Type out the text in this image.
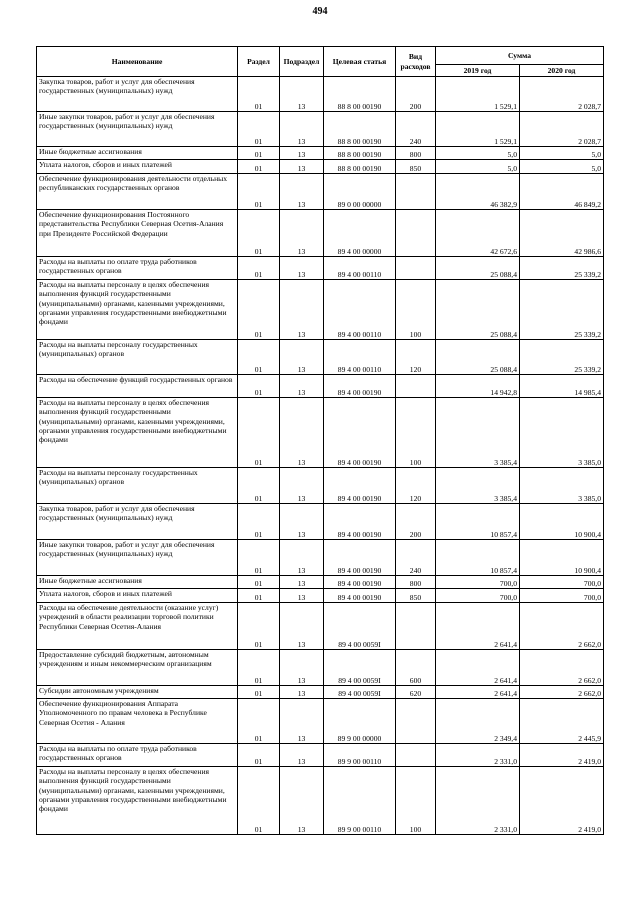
494
Наименование	Раздел	Подраздел	Целевая статья	Вид расходов	Сумма	
					2019 год	2020 год
Закупка товаров, работ и услуг для обеспечения государственных (муниципальных) нужд	01	13	88 8 00 00190	200	1 529,1	2 028,7
Иные закупки товаров, работ и услуг для обеспечения государственных (муниципальных) нужд	01	13	88 8 00 00190	240	1 529,1	2 028,7
Иные бюджетные ассигнования	01	13	88 8 00 00190	800	5,0	5,0
Уплата налогов, сборов и иных платежей	01	13	88 8 00 00190	850	5,0	5,0
Обеспечение функционирования деятельности отдельных республиканских государственных органов	01	13	89 0 00 00000		46 382,9	46 849,2
Обеспечение функционирования Постоянного представительства Республики Северная Осетия-Алания при Президенте Российской Федерации	01	13	89 4 00 00000		42 672,6	42 986,6
Расходы на выплаты по оплате труда работников государственных органов	01	13	89 4 00 00110		25 088,4	25 339,2
Расходы на выплаты персоналу в целях обеспечения выполнения функций государственными (муниципальными) органами, казенными учреждениями, органами управления государственными внебюджетными фондами	01	13	89 4 00 00110	100	25 088,4	25 339,2
Расходы на выплаты персоналу государственных (муниципальных) органов	01	13	89 4 00 00110	120	25 088,4	25 339,2
Расходы на обеспечение функций государственных органов	01	13	89 4 00 00190		14 942,8	14 985,4
Расходы на выплаты персоналу в целях обеспечения выполнения функций государственными (муниципальными) органами, казенными учреждениями, органами управления государственными внебюджетными фондами	01	13	89 4 00 00190	100	3 385,4	3 385,0
Расходы на выплаты персоналу государственных (муниципальных) органов	01	13	89 4 00 00190	120	3 385,4	3 385,0
Закупка товаров, работ и услуг для обеспечения государственных (муниципальных) нужд	01	13	89 4 00 00190	200	10 857,4	10 900,4
Иные закупки товаров, работ и услуг для обеспечения государственных (муниципальных) нужд	01	13	89 4 00 00190	240	10 857,4	10 900,4
Иные бюджетные ассигнования	01	13	89 4 00 00190	800	700,0	700,0
Уплата налогов, сборов и иных платежей	01	13	89 4 00 00190	850	700,0	700,0
Расходы на обеспечение деятельности (оказание услуг) учреждений в области реализации торговой политики Республики Северная Осетия-Алания	01	13	89 4 00 0059I		2 641,4	2 662,0
Предоставление субсидий бюджетным, автономным учреждениям и иным некоммерческим организациям	01	13	89 4 00 0059I	600	2 641,4	2 662,0
Субсидии автономным учреждениям	01	13	89 4 00 0059I	620	2 641,4	2 662,0
Обеспечение функционирования Аппарата Уполномоченного по правам человека в Республике Северная Осетия - Алания	01	13	89 9 00 00000		2 349,4	2 445,9
Расходы на выплаты по оплате труда работников государственных органов	01	13	89 9 00 00110		2 331,0	2 419,0
Расходы на выплаты персоналу в целях обеспечения выполнения функций государственными (муниципальными) органами, казенными учреждениями, органами управления государственными внебюджетными фондами	01	13	89 9 00 00110	100	2 331,0	2 419,0
